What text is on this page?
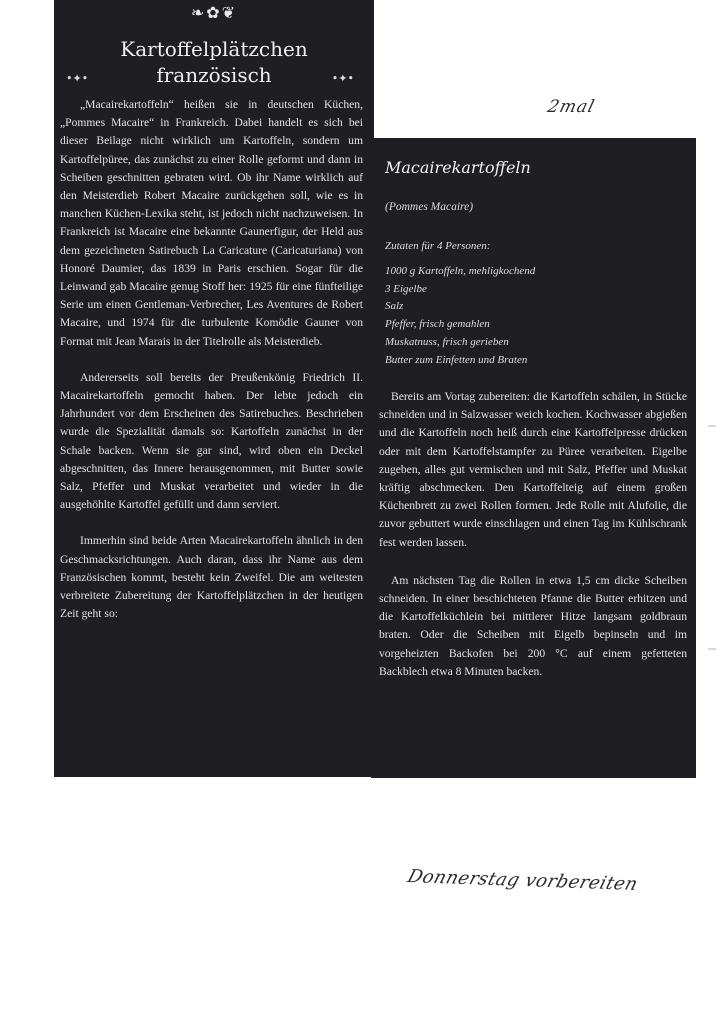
❧✿❦
Kartoffelplätzchen
französisch
•✦•	•✦•

„Macairekartoffeln“ heißen sie in deutschen Küchen, „Pommes Macaire“ in Frankreich. Dabei handelt es sich bei dieser Beilage nicht wirklich um Kartoffeln, sondern um Kartoffelpüree, das zunächst zu einer Rolle geformt und dann in Scheiben geschnitten gebraten wird. Ob ihr Name wirklich auf den Meisterdieb Robert Macaire zurückgehen soll, wie es in manchen Küchen-Lexika steht, ist jedoch nicht nachzuweisen. In Frankreich ist Macaire eine bekannte Gaunerfigur, der Held aus dem gezeichneten Satirebuch La Caricature (Caricaturiana) von Honoré Daumier, das 1839 in Paris erschien. Sogar für die Leinwand gab Macaire genug Stoff her: 1925 für eine fünfteilige Serie um einen Gentleman-Verbrecher, Les Aventures de Robert Macaire, und 1974 für die turbulente Komödie Gauner von Format mit Jean Marais in der Titelrolle als Meisterdieb.

Andererseits soll bereits der Preußenkönig Friedrich II. Macairekartoffeln gemocht haben. Der lebte jedoch ein Jahrhundert vor dem Erscheinen des Satirebuches. Beschrieben wurde die Spezialität damals so: Kartoffeln zunächst in der Schale backen. Wenn sie gar sind, wird oben ein Deckel abgeschnitten, das Innere herausgenommen, mit Butter sowie Salz, Pfeffer und Muskat verarbeitet und wieder in die ausgehöhlte Kartoffel gefüllt und dann serviert.

Immerhin sind beide Arten Macairekartoffeln ähnlich in den Geschmacksrichtungen. Auch daran, dass ihr Name aus dem Französischen kommt, besteht kein Zweifel. Die am weitesten verbreitete Zubereitung der Kartoffelplätzchen in der heutigen Zeit geht so:

Macairekartoffeln
(Pommes Macaire)
Zutaten für 4 Personen:
1000 g Kartoffeln, mehligkochend
3 Eigelbe
Salz
Pfeffer, frisch gemahlen
Muskatnuss, frisch gerieben
Butter zum Einfetten und Braten

Bereits am Vortag zubereiten: die Kartoffeln schälen, in Stücke schneiden und in Salzwasser weich kochen. Kochwasser abgießen und die Kartoffeln noch heiß durch eine Kartoffelpresse drücken oder mit dem Kartoffelstampfer zu Püree verarbeiten. Eigelbe zugeben, alles gut vermischen und mit Salz, Pfeffer und Muskat kräftig abschmecken. Den Kartoffelteig auf einem großen Küchenbrett zu zwei Rollen formen. Jede Rolle mit Alufolie, die zuvor gebuttert wurde einschlagen und einen Tag im Kühlschrank fest werden lassen.

Am nächsten Tag die Rollen in etwa 1,5 cm dicke Scheiben schneiden. In einer beschichteten Pfanne die Butter erhitzen und die Kartoffelküchlein bei mittlerer Hitze langsam goldbraun braten. Oder die Scheiben mit Eigelb bepinseln und im vorgeheizten Backofen bei 200 °C auf einem gefetteten Backblech etwa 8 Minuten backen.

2mal
Donnerstag vorbereiten
